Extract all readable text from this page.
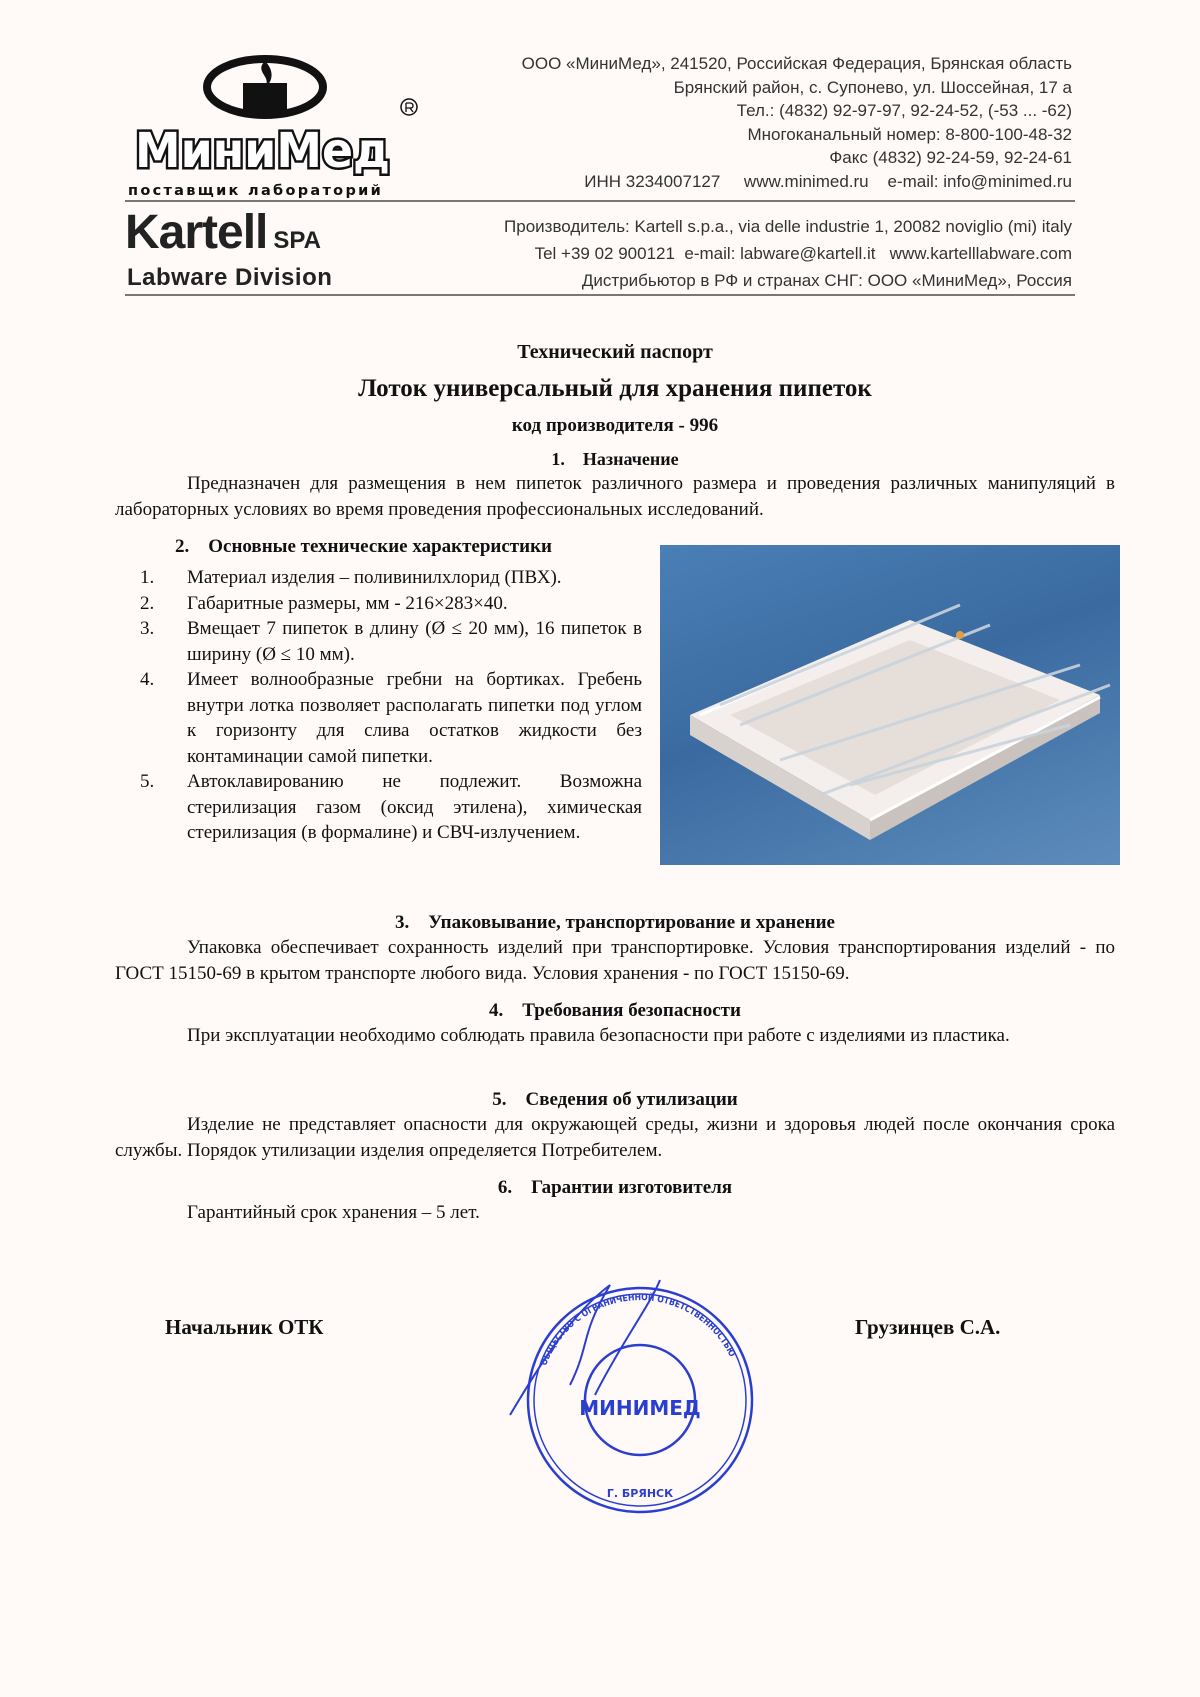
МиниМед
поставщик лабораторий
ООО «МиниМед», 241520, Российская Федерация, Брянская область
Брянский район, с. Супонево, ул. Шоссейная, 17 а
Тел.: (4832) 92-97-97, 92-24-52, (-53 ... -62)
Многоканальный номер: 8-800-100-48-32
Факс (4832) 92-24-59, 92-24-61
ИНН 3234007127     www.minimed.ru    e-mail: info@minimed.ru
Kartell SPA
Labware Division
Производитель: Kartell s.p.a., via delle industrie 1, 20082 noviglio (mi) italy
Tel +39 02 900121  e-mail: labware@kartell.it   www.kartelllabware.com
Дистрибьютор в РФ и странах СНГ: ООО «МиниМед», Россия
Технический паспорт
Лоток универсальный для хранения пипеток
код производителя - 996
1.    Назначение
Предназначен для размещения в нем пипеток различного размера и проведения различных манипуляций в лабораторных условиях во время проведения профессиональных исследований.
2.    Основные технические характеристики
1.	Материал изделия – поливинилхлорид (ПВХ).
2.	Габаритные размеры, мм - 216×283×40.
3.	Вмещает 7 пипеток в длину (Ø ≤ 20 мм), 16 пипеток в ширину (Ø ≤ 10 мм).
4.	Имеет волнообразные гребни на бортиках. Гребень внутри лотка позволяет располагать пипетки под углом к горизонту для слива остатков жидкости без контаминации самой пипетки.
5.	Автоклавированию не подлежит. Возможна стерилизация газом (оксид этилена), химическая стерилизация (в формалине) и СВЧ-излучением.
3.    Упаковывание, транспортирование и хранение
Упаковка обеспечивает сохранность изделий при транспортировке. Условия транспортирования изделий - по ГОСТ 15150-69 в крытом транспорте любого вида. Условия хранения - по ГОСТ 15150-69.
4.    Требования безопасности
При эксплуатации необходимо соблюдать правила безопасности при работе с изделиями из пластика.
5.    Сведения об утилизации
Изделие не представляет опасности для окружающей среды, жизни и здоровья людей после окончания срока службы. Порядок утилизации изделия определяется Потребителем.
6.    Гарантии изготовителя
Гарантийный срок хранения – 5 лет.
Начальник ОТК	Грузинцев С.А.
ОБЩЕСТВО С ОГРАНИЧЕННОЙ ОТВЕТСТВЕННОСТЬЮ
МИНИМЕД
Г. БРЯНСК
